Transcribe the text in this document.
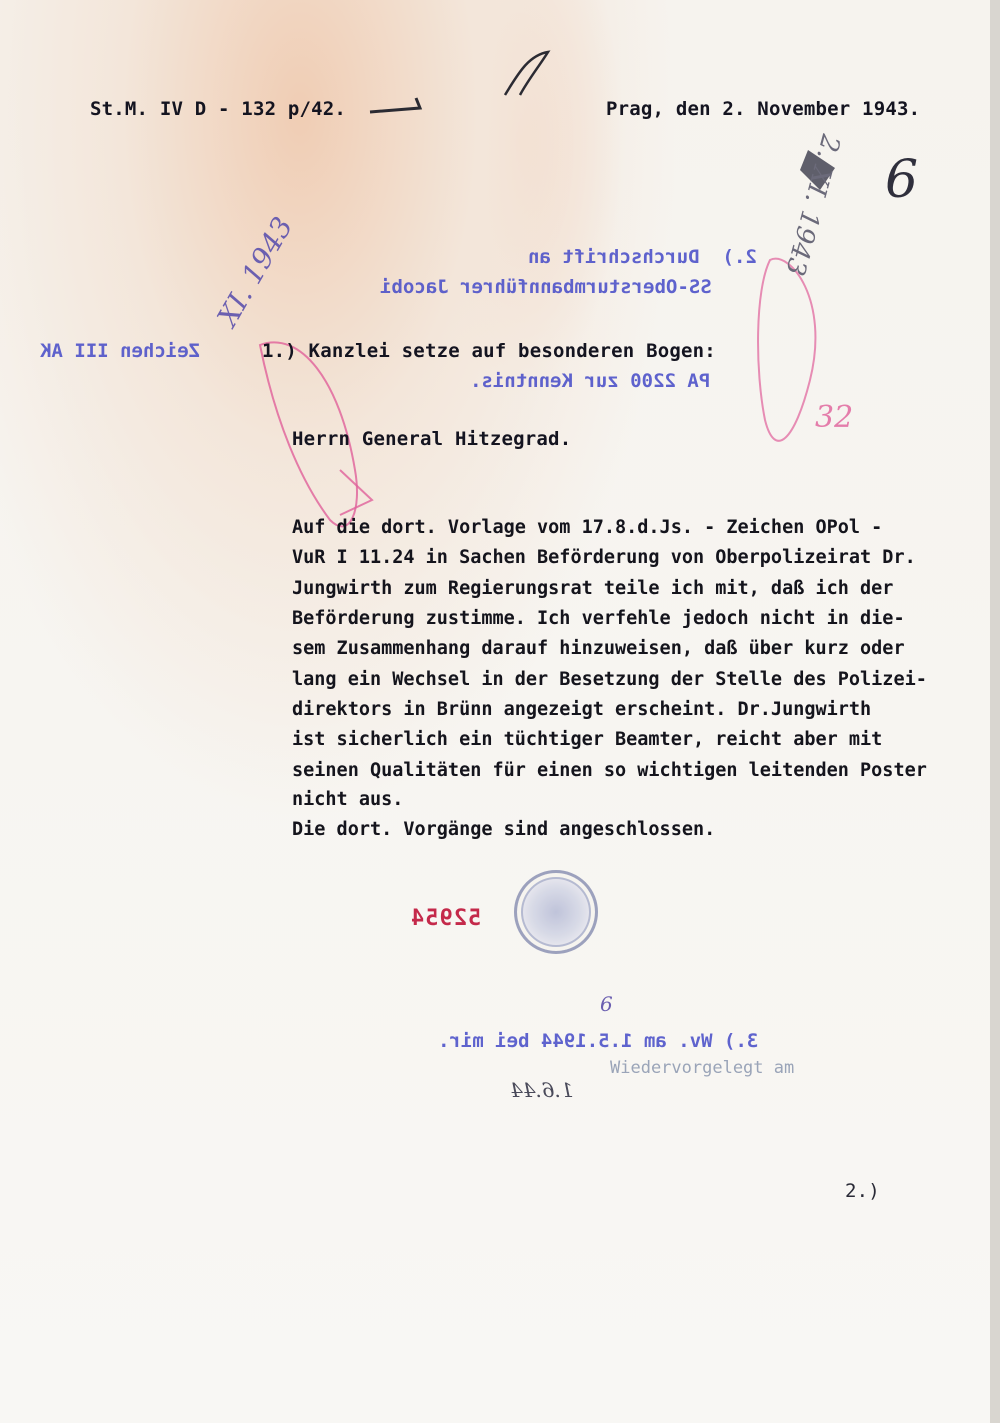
St.M. IV D - 132 p/42.	Prag, den 2. November 1943.
6
XI. 1943	2. XI. 1943
32
2.)  Durchschrift an
SS-Obersturmbannführer Jacobi
Zeichen III AK	1.) Kanzlei setze auf besonderen Bogen:
PA 2200 zur Kenntnis.
Herrn General Hitzegrad.
Auf die dort. Vorlage vom 17.8.d.Js. - Zeichen OPol -
VuR I 11.24 in Sachen Beförderung von Oberpolizeirat Dr.
Jungwirth zum Regierungsrat teile ich mit, daß ich der
Beförderung zustimme. Ich verfehle jedoch nicht in die-
sem Zusammenhang darauf hinzuweisen, daß über kurz oder
lang ein Wechsel in der Besetzung der Stelle des Polizei-
direktors in Brünn angezeigt erscheint. Dr.Jungwirth
ist sicherlich ein tüchtiger Beamter, reicht aber mit
seinen Qualitäten für einen so wichtigen leitenden Poster
nicht aus.
Die dort. Vorgänge sind angeschlossen.
52954
6
3.) Wv. am 1.5.1944 bei mir.
Wiedervorgelegt am
1.6.44
2.)
